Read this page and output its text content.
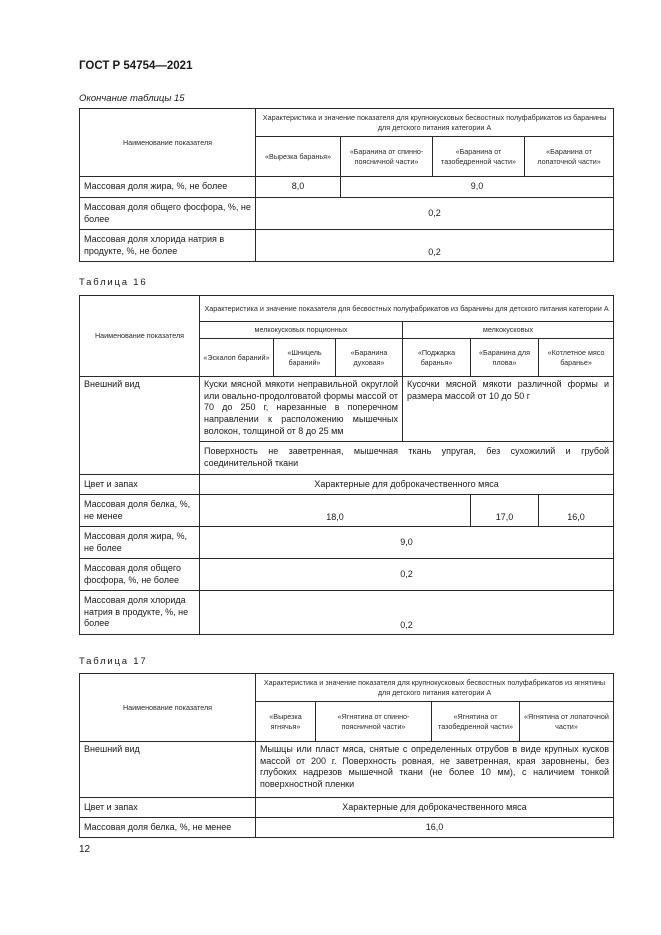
ГОСТ Р 54754—2021
Окончание таблицы 15
Наименование показателя	Характеристика и значение показателя для крупнокусковых бесвостных полуфабрикатов из баранины для детского питания категории А			
	«Вырезка баранья»	«Баранина от спинно-поясничной части»	«Баранина от тазобедренной части»	«Баранина от лопаточной части»
Массовая доля жира, %, не более	8,0	9,0		
Массовая доля общего фосфора, %, не более	0,2			
Массовая доля хлорида натрия в продукте, %, не более	0,2			
Таблица 16
Наименование показателя	Характеристика и значение показателя для бесвостных полуфабрикатов из баранины для детского питания категории А					
	мелкокусковых порционных			мелкокусковых		
	«Эскалоп бараний»	«Шницель бараний»	«Баранина духовая»	«Поджарка баранья»	«Баранина для плова»	«Котлетное мясо баранье»
Внешний вид	Куски мясной мякоти неправильной округлой или овально-продолговатой формы массой от 70 до 250 г, нарезанные в поперечном направлении к расположению мышечных волокон, толщиной от 8 до 25 мм			Кусочки мясной мякоти различной формы и размера массой от 10 до 50 г		
	Поверхность не заветренная, мышечная ткань упругая, без сухожилий и грубой соединительной ткани					
Цвет и запах	Характерные для доброкачественного мяса					
Массовая доля белка, %, не менее	18,0				17,0	16,0
Массовая доля жира, %, не более	9,0					
Массовая доля общего фосфора, %, не более	0,2					
Массовая доля хлорида натрия в продукте, %, не более	0,2					
Таблица 17
Наименование показателя	Характеристика и значение показателя для крупнокусковых бесвостных полуфабрикатов из ягнятины для детского питания категории А			
	«Вырезка ягнячья»	«Ягнятина от спинно-поясничной части»	«Ягнятина от тазобедренной части»	«Ягнятина от лопаточной части»
Внешний вид	Мышцы или пласт мяса, снятые с определенных отрубов в виде крупных кусков массой от 200 г. Поверхность ровная, не заветренная, края заровнены, без глубоких надрезов мышечной ткани (не более 10 мм), с наличием тонкой поверхностной пленки			
Цвет и запах	Характерные для доброкачественного мяса			
Массовая доля белка, %, не менее	16,0			
12
